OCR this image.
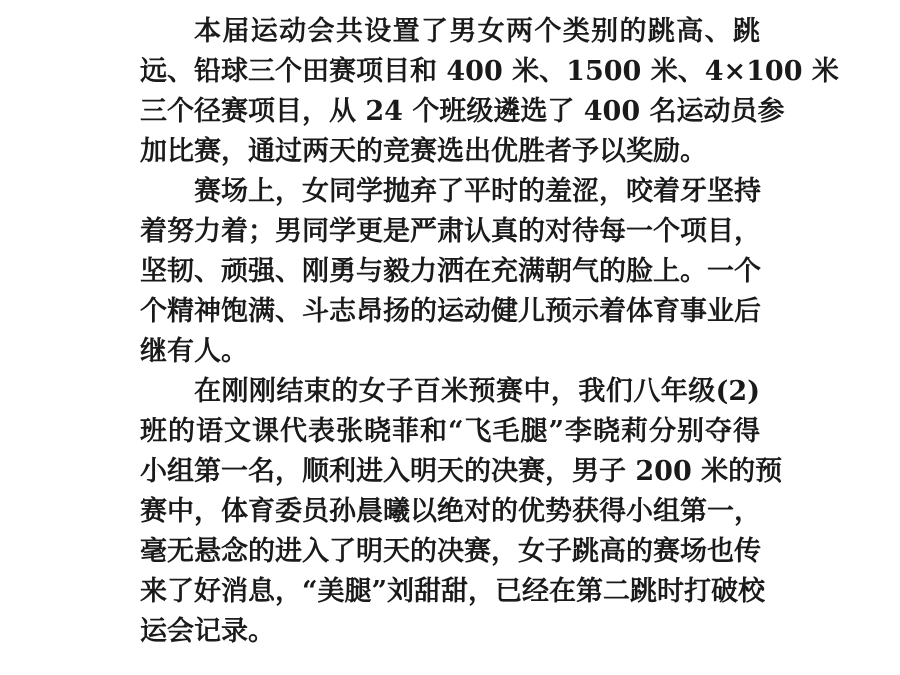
本届运动会共设置了男女两个类别的跳高、跳
远、铅球三个田赛项目和 400 米、1500 米、4×100 米
三个径赛项目，从 24 个班级遴选了 400 名运动员参
加比赛，通过两天的竞赛选出优胜者予以奖励。
赛场上，女同学抛弃了平时的羞涩，咬着牙坚持
着努力着；男同学更是严肃认真的对待每一个项目，
坚韧、顽强、刚勇与毅力洒在充满朝气的脸上。一个
个精神饱满、斗志昂扬的运动健儿预示着体育事业后
继有人。
在刚刚结束的女子百米预赛中，我们八年级(2)
班的语文课代表张晓菲和“飞毛腿”李晓莉分别夺得
小组第一名，顺利进入明天的决赛，男子 200 米的预
赛中，体育委员孙晨曦以绝对的优势获得小组第一，
毫无悬念的进入了明天的决赛，女子跳高的赛场也传
来了好消息，“美腿”刘甜甜，已经在第二跳时打破校
运会记录。
